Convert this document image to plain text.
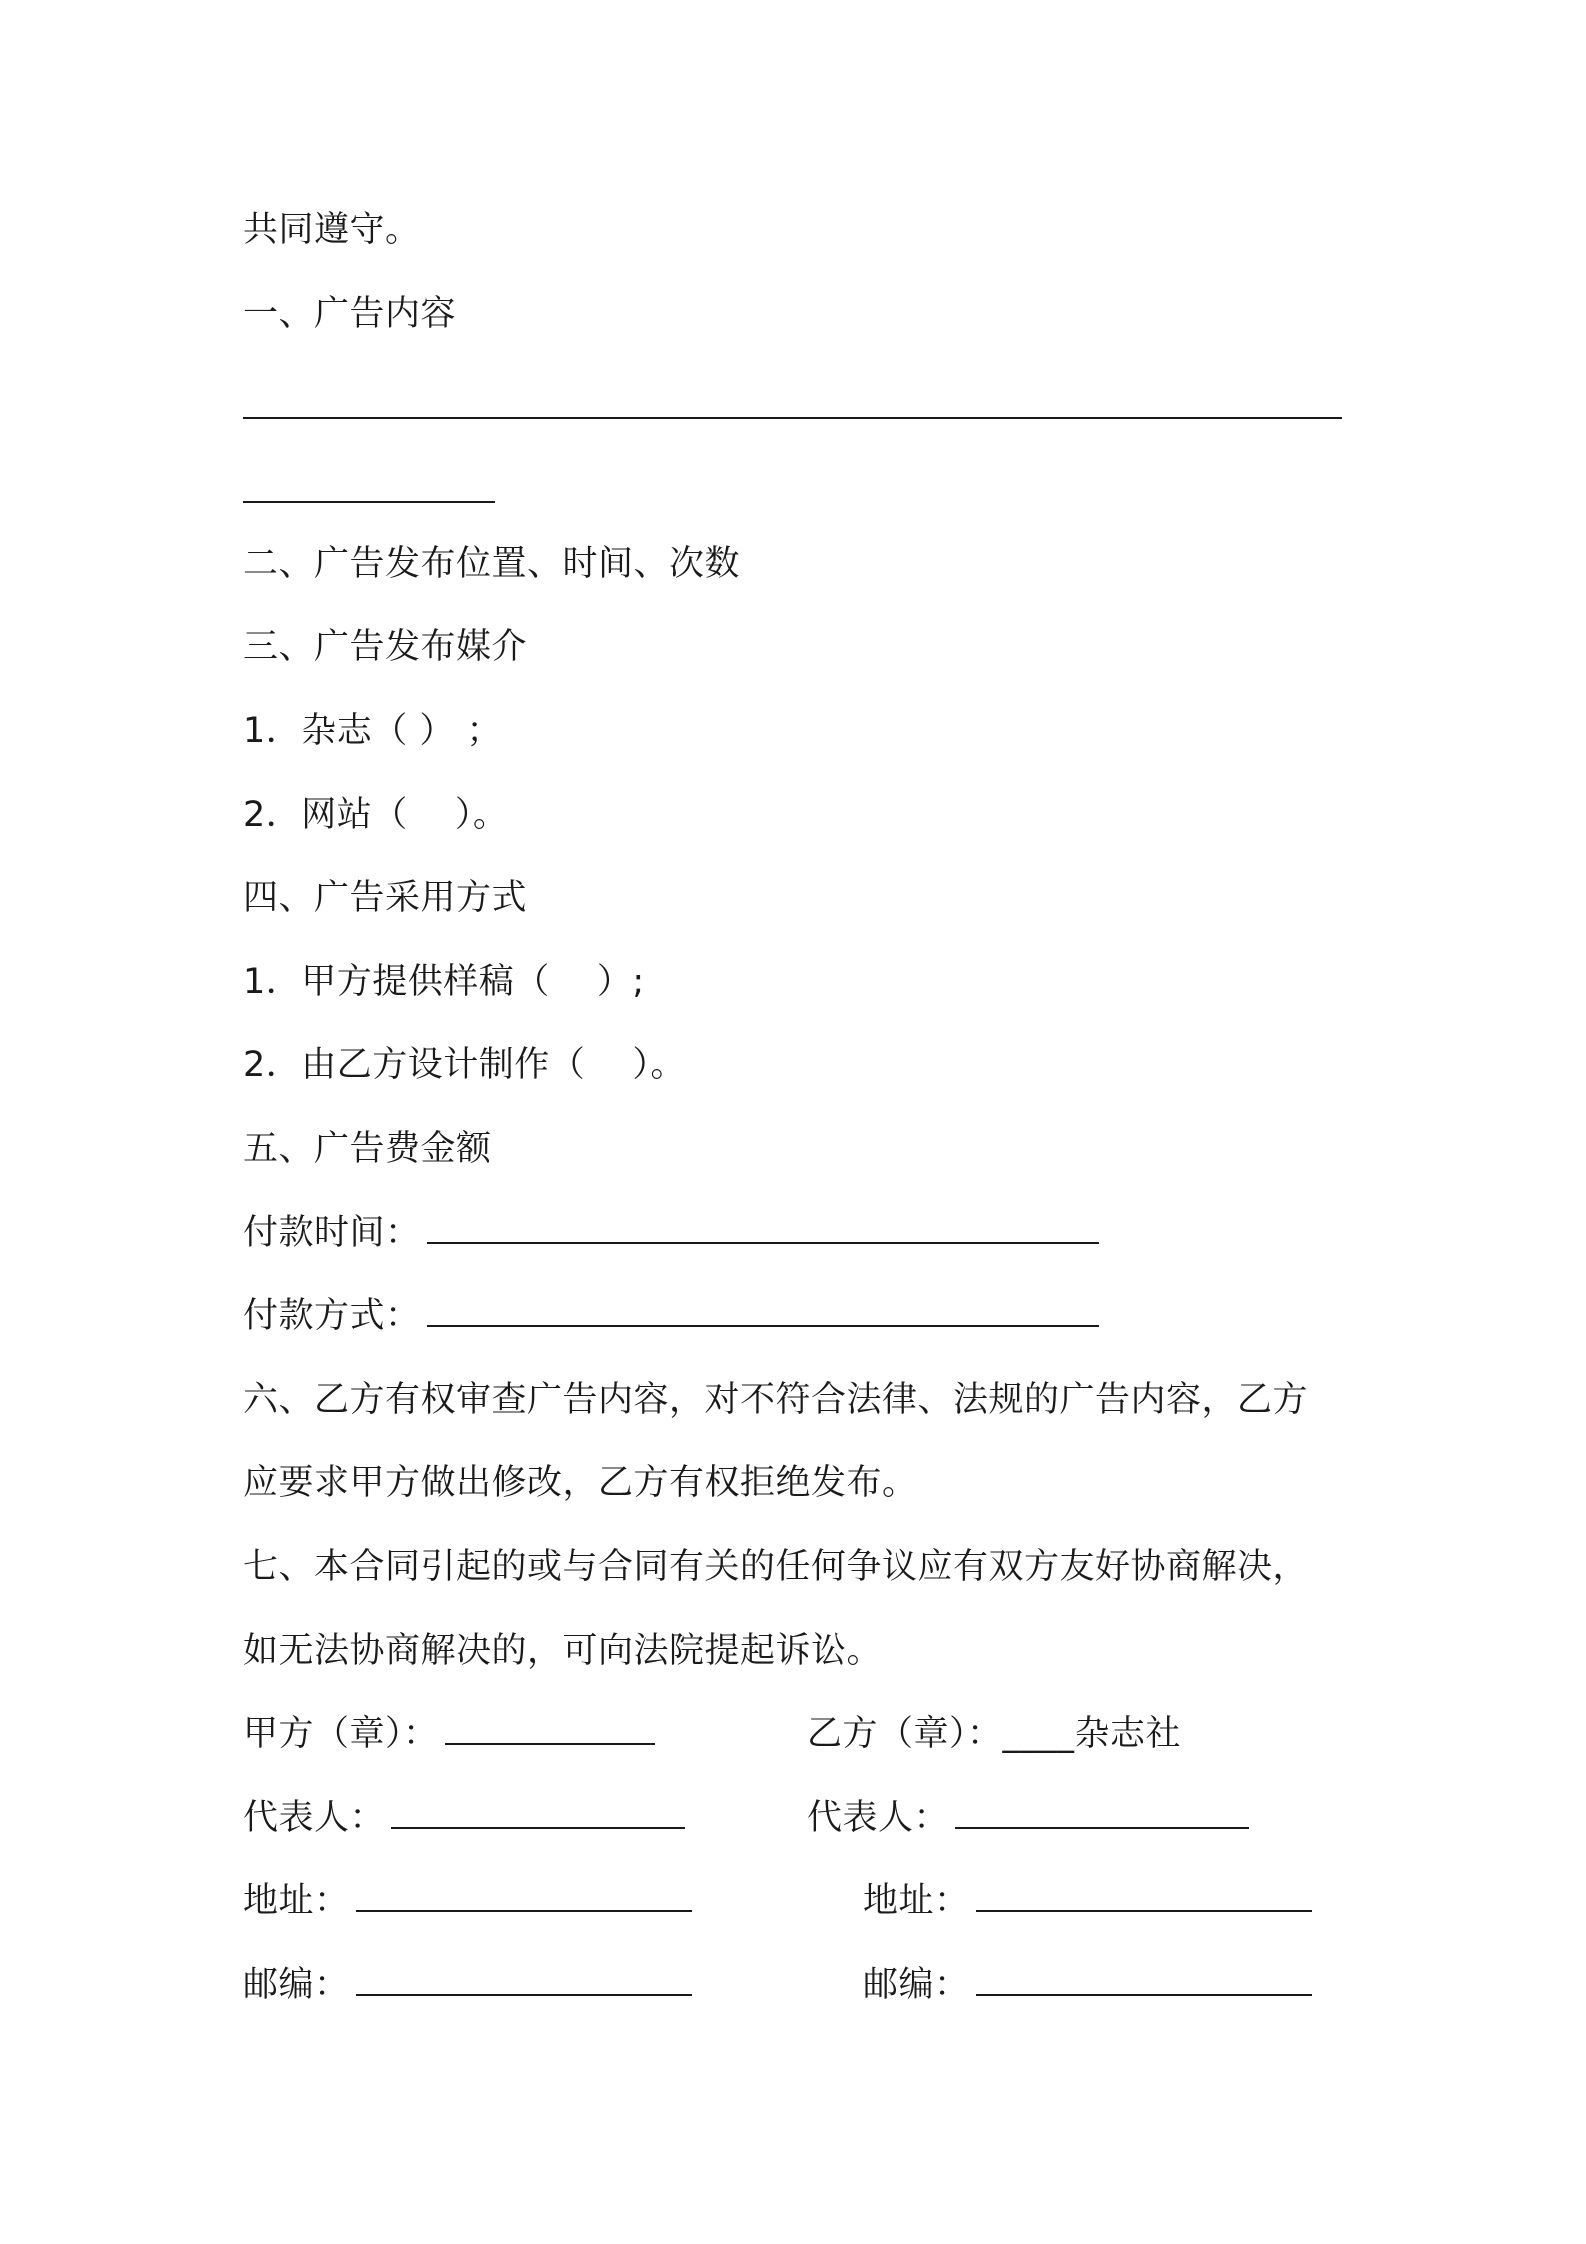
共同遵守。
一、广告内容
二、广告发布位置、时间、次数
三、广告发布媒介
1．杂志（ ） ；
2．网站（　 ）。
四、广告采用方式
1．甲方提供样稿（　 ）;
2．由乙方设计制作（　 ）。
五、广告费金额
付款时间：
付款方式：
六、乙方有权审查广告内容，对不符合法律、法规的广告内容，乙方
应要求甲方做出修改，乙方有权拒绝发布。
七、本合同引起的或与合同有关的任何争议应有双方友好协商解决，
如无法协商解决的，可向法院提起诉讼。
甲方（章）：
代表人：
地址：
邮编：
乙方（章）：____杂志社
代表人：
地址：
邮编：
